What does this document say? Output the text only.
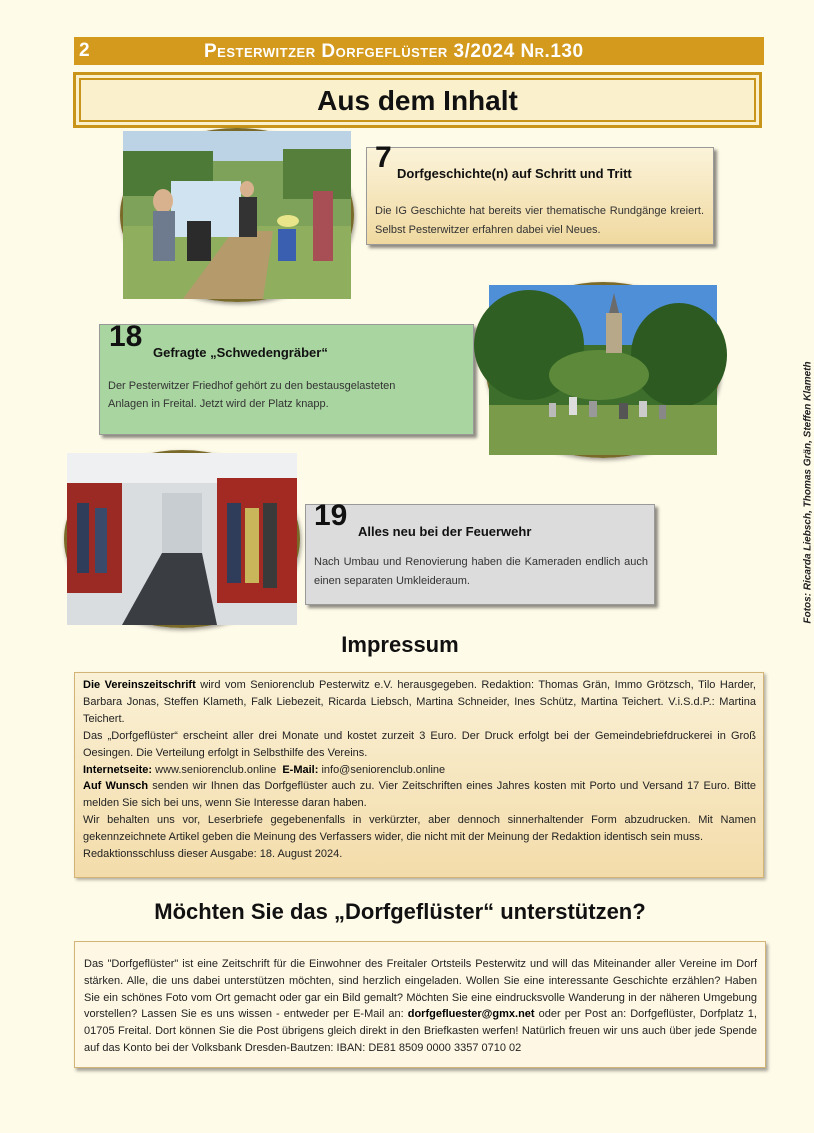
2	Pesterwitzer Dorfgeflüster 3/2024 Nr.130
Aus dem Inhalt
7 Dorfgeschichte(n) auf Schritt und Tritt
Die IG Geschichte hat bereits vier thematische Rundgänge kreiert. Selbst Pesterwitzer erfahren dabei viel Neues.
18 Gefragte „Schwedengräber“
Der Pesterwitzer Friedhof gehört zu den bestausgelasteten
Anlagen in Freital. Jetzt wird der Platz knapp.
19 Alles neu bei der Feuerwehr
Nach Umbau und Renovierung haben die Kameraden endlich auch einen separaten Umkleideraum.	Fotos: Ricarda Liebsch, Thomas Grän, Steffen Klameth
Impressum
Die Vereinszeitschrift wird vom Seniorenclub Pesterwitz e.V. herausgegeben. Redaktion: Thomas Grän, Immo Grötzsch, Tilo Harder, Barbara Jonas, Steffen Klameth, Falk Liebezeit, Ricarda Liebsch, Martina Schneider, Ines Schütz, Martina Teichert. V.i.S.d.P.: Martina Teichert.
Das „Dorfgeflüster“ erscheint aller drei Monate und kostet zurzeit 3 Euro. Der Druck erfolgt bei der Gemeindebriefdruckerei in Groß Oesingen. Die Verteilung erfolgt in Selbsthilfe des Vereins.
Internetseite: www.seniorenclub.online  E-Mail: info@seniorenclub.online
Auf Wunsch senden wir Ihnen das Dorfgeflüster auch zu. Vier Zeitschriften eines Jahres kosten mit Porto und Versand 17 Euro. Bitte melden Sie sich bei uns, wenn Sie Interesse daran haben.
Wir behalten uns vor, Leserbriefe gegebenenfalls in verkürzter, aber dennoch sinnerhaltender Form abzudrucken. Mit Namen gekennzeichnete Artikel geben die Meinung des Verfassers wider, die nicht mit der Meinung der Redaktion identisch sein muss.
Redaktionsschluss dieser Ausgabe: 18. August 2024.
Möchten Sie das „Dorfgeflüster“ unterstützen?
Das "Dorfgeflüster" ist eine Zeitschrift für die Einwohner des Freitaler Ortsteils Pesterwitz und will das Miteinander aller Vereine im Dorf stärken. Alle, die uns dabei unterstützen möchten, sind herzlich eingeladen. Wollen Sie eine interessante Geschichte erzählen? Haben Sie ein schönes Foto vom Ort gemacht oder gar ein Bild gemalt? Möchten Sie eine eindrucksvolle Wanderung in der näheren Umgebung vorstellen? Lassen Sie es uns wissen - entweder per E-Mail an: dorfgefluester@gmx.net oder per Post an: Dorfgeflüster, Dorfplatz 1, 01705 Freital. Dort können Sie die Post übrigens gleich direkt in den Briefkasten werfen! Natürlich freuen wir uns auch über jede Spende auf das Konto bei der Volksbank Dresden-Bautzen: IBAN: DE81 8509 0000 3357 0710 02
